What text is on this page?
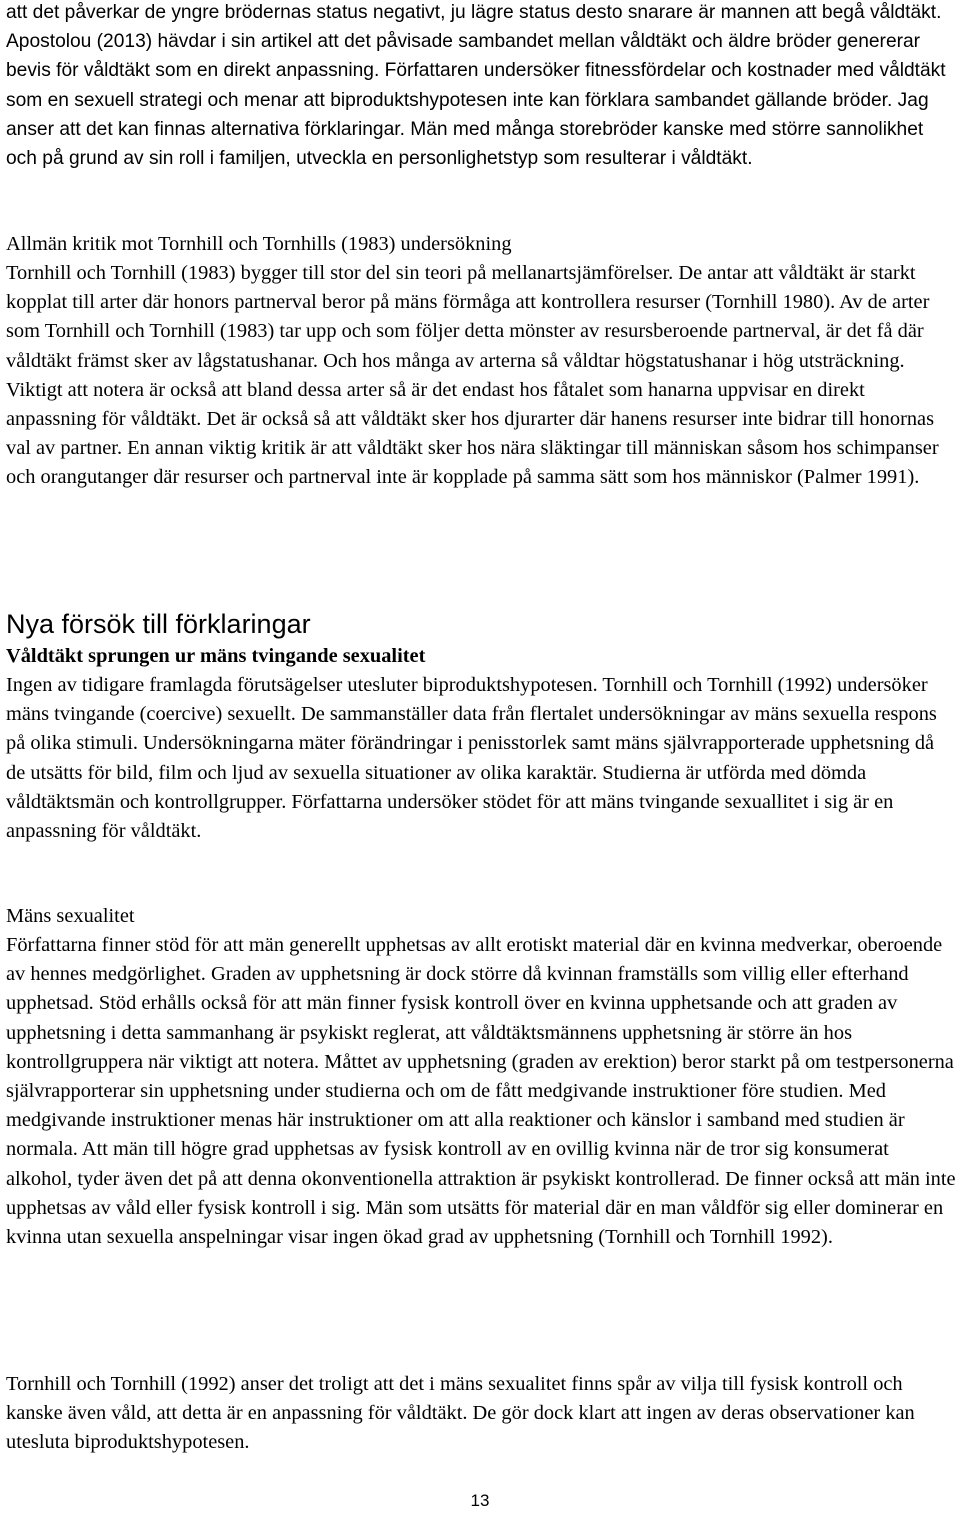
att det påverkar de yngre brödernas status negativt, ju lägre status desto snarare är mannen att begå våldtäkt. Apostolou (2013) hävdar i sin artikel att det påvisade sambandet mellan våldtäkt och äldre bröder genererar bevis för våldtäkt som en direkt anpassning. Författaren undersöker fitnessfördelar och kostnader med våldtäkt som en sexuell strategi och menar att biproduktshypotesen inte kan förklara sambandet gällande bröder. Jag anser att det kan finnas alternativa förklaringar. Män med många storebröder kanske med större sannolikhet och på grund av sin roll i familjen, utveckla en personlighetstyp som resulterar i våldtäkt.

Allmän kritik mot Tornhill och Tornhills (1983) undersökning

Tornhill och Tornhill (1983) bygger till stor del sin teori på mellanartsjämförelser. De antar att våldtäkt är starkt kopplat till arter där honors partnerval beror på mäns förmåga att kontrollera resurser (Tornhill 1980). Av de arter som Tornhill och Tornhill (1983) tar upp och som följer detta mönster av resursberoende partnerval, är det få där våldtäkt främst sker av lågstatushanar. Och hos många av arterna så våldtar högstatushanar i hög utsträckning. Viktigt att notera är också att bland dessa arter så är det endast hos fåtalet som hanarna uppvisar en direkt anpassning för våldtäkt. Det är också så att våldtäkt sker hos djurarter där hanens resurser inte bidrar till honornas val av partner. En annan viktig kritik är att våldtäkt sker hos nära släktingar till människan såsom hos schimpanser och orangutanger där resurser och partnerval inte är kopplade på samma sätt som hos människor (Palmer 1991).

Nya försök till förklaringar
Våldtäkt sprungen ur mäns tvingande sexualitet

Ingen av tidigare framlagda förutsägelser utesluter biproduktshypotesen. Tornhill och Tornhill (1992) undersöker mäns tvingande (coercive) sexuellt. De sammanställer data från flertalet undersökningar av mäns sexuella respons på olika stimuli. Undersökningarna mäter förändringar i penisstorlek samt mäns självrapporterade upphetsning då de utsätts för bild, film och ljud av sexuella situationer av olika karaktär. Studierna är utförda med dömda våldtäktsmän och kontrollgrupper. Författarna undersöker stödet för att mäns tvingande sexuallitet i sig är en anpassning för våldtäkt.

Mäns sexualitet

Författarna finner stöd för att män generellt upphetsas av allt erotiskt material där en kvinna medverkar, oberoende av hennes medgörlighet. Graden av upphetsning är dock större då kvinnan framställs som villig eller efterhand upphetsad. Stöd erhålls också för att män finner fysisk kontroll över en kvinna upphetsande och att graden av upphetsning i detta sammanhang är psykiskt reglerat, att våldtäktsmännens upphetsning är större än hos kontrollgruppera när viktigt att notera. Måttet av upphetsning (graden av erektion) beror starkt på om testpersonerna självrapporterar sin upphetsning under studierna och om de fått medgivande instruktioner före studien. Med medgivande instruktioner menas här instruktioner om att alla reaktioner och känslor i samband med studien är normala. Att män till högre grad upphetsas av fysisk kontroll av en ovillig kvinna när de tror sig konsumerat alkohol, tyder även det på att denna okonventionella attraktion är psykiskt kontrollerad. De finner också att män inte upphetsas av våld eller fysisk kontroll i sig. Män som utsätts för material där en man våldför sig eller dominerar en kvinna utan sexuella anspelningar visar ingen ökad grad av upphetsning (Tornhill och Tornhill 1992).

Tornhill och Tornhill (1992) anser det troligt att det i mäns sexualitet finns spår av vilja till fysisk kontroll och kanske även våld, att detta är en anpassning för våldtäkt. De gör dock klart att ingen av deras observationer kan utesluta biproduktshypotesen.

13
